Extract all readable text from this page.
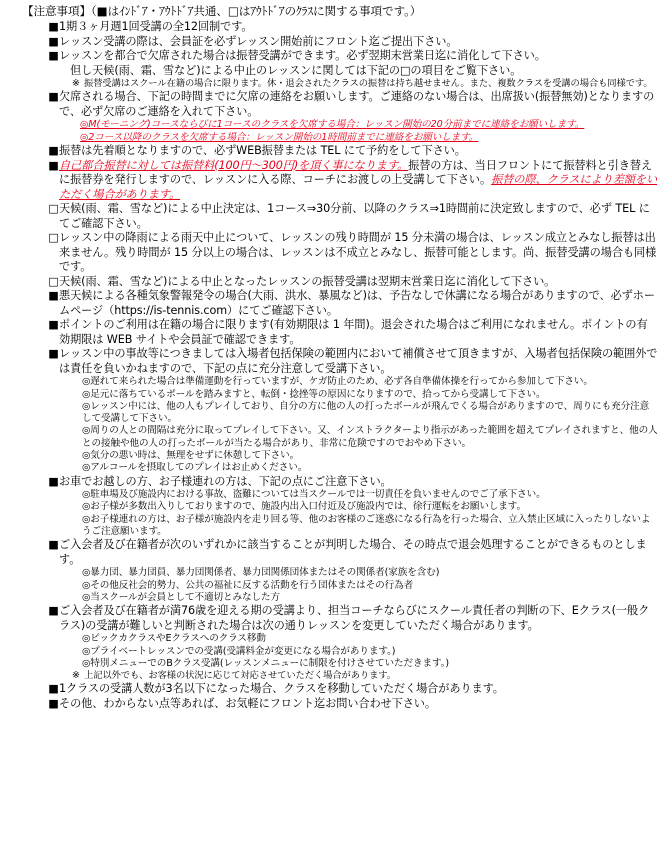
【注意事項】（■はｲﾝﾄﾞｱ・ｱｳﾄﾄﾞｱ共通、□はｱｳﾄﾄﾞｱのｸﾗｽに関する事項です。）
■ 1期３ヶ月週1回受講の全12回制です。
■ レッスン受講の際は、会員証を必ずレッスン開始前にフロント迄ご提出下さい。
■ レッスンを都合で欠席された場合は振替受講ができます。必ず翌期末営業日迄に消化して下さい。
但し天候(雨、霜、雪など)による中止のレッスンに関しては下記の□の項目をご覧下さい。
※ 振替受講はスクール在籍の場合に限ります。休・退会されたクラスの振替は持ち越せません。また、複数クラスを受講の場合も同様です。
■ 欠席される場合、下記の時間までに欠席の連絡をお願いします。ご連絡のない場合は、出席扱い(振替無効)となりますので、必ず欠席のご連絡を入れて下さい。
◎M(モーニング)コースならびに1コースのクラスを欠席する場合：レッスン開始の20分前までに連絡をお願いします。
◎2コース以降のクラスを欠席する場合：レッスン開始の1時間前までに連絡をお願いします。
■ 振替は先着順となりますので、必ずWEB振替または TEL にて予約をして下さい。
■ 自己都合振替に対しては振替料(100円〜300円)を頂く事になります。振替の方は、当日フロントにて振替料と引き替えに振替券を発行しますので、レッスンに入る際、コーチにお渡しの上受講して下さい。振替の際、クラスにより差額をいただく場合があります。
□ 天候(雨、霜、雪など)による中止決定は、1コース⇒30分前、以降のクラス⇒1時間前に決定致しますので、必ず TEL にてご確認下さい。
□ レッスン中の降雨による雨天中止について、レッスンの残り時間が 15 分未満の場合は、レッスン成立とみなし振替は出来ません。残り時間が 15 分以上の場合は、レッスンは不成立とみなし、振替可能とします。尚、振替受講の場合も同様です。
□ 天候(雨、霜、雪など)による中止となったレッスンの振替受講は翌期末営業日迄に消化して下さい。
■ 悪天候による各種気象警報発令の場合(大雨、洪水、暴風など)は、予告なしで休講になる場合がありますので、必ずホームページ（https://is-tennis.com）にてご確認下さい。
■ ポイントのご利用は在籍の場合に限ります(有効期限は 1 年間)。退会された場合はご利用になれません。ポイントの有効期限は WEB サイトや会員証で確認できます。
■ レッスン中の事故等につきましては入場者包括保険の範囲内において補償させて頂きますが、入場者包括保険の範囲外では責任を負いかねますので、下記の点に充分注意して受講下さい。
◎遅れて来られた場合は準備運動を行っていますが、ケガ防止のため、必ず各自準備体操を行ってから参加して下さい。
◎足元に落ちているボールを踏みますと、転倒・捻挫等の原因になりますので、拾ってから受講して下さい。
◎レッスン中には、他の人もプレイしており、自分の方に他の人の打ったボールが飛んでくる場合がありますので、周りにも充分注意して受講して下さい。
◎周りの人との間隔は充分に取ってプレイして下さい。又、インストラクターより指示があった範囲を超えてプレイされますと、他の人との接触や他の人の打ったボールが当たる場合があり、非常に危険ですのでおやめ下さい。
◎気分の悪い時は、無理をせずに休憩して下さい。
◎アルコールを摂取してのプレイはお止めください。
■ お車でお越しの方、お子様連れの方は、下記の点にご注意下さい。
◎駐車場及び施設内における事故、盗難については当スクールでは一切責任を負いませんのでご了承下さい。
◎お子様が多数出入りしておりますので、施設内出入口付近及び施設内では、徐行運転をお願いします。
◎お子様連れの方は、お子様が施設内を走り回る等、他のお客様のご迷惑になる行為を行った場合、立入禁止区域に入ったりしないようご注意願います。
■ ご入会者及び在籍者が次のいずれかに該当することが判明した場合、その時点で退会処理することができるものとします。
◎暴力団、暴力団員、暴力団関係者、暴力団関係団体またはその関係者(家族を含む)
◎その他反社会的勢力、公共の福祉に反する活動を行う団体またはその行為者
◎当スクールが会員として不適切とみなした方
■ ご入会者及び在籍者が満76歳を迎える期の受講より、担当コーチならびにスクール責任者の判断の下、Eクラス(一般クラス)の受講が難しいと判断された場合は次の通りレッスンを変更していただく場合があります。
◎ビックカクラスやEクラスへのクラス移動
◎プライベートレッスンでの受講(受講料金が変更になる場合があります。)
◎特別メニューでのBクラス受講(レッスンメニューに制限を付けさせていただきます。)
※ 上記以外でも、お客様の状況に応じて対応させていただく場合があります。
■ 1クラスの受講人数が3名以下になった場合、クラスを移動していただく場合があります。
■ その他、わからない点等あれば、お気軽にフロント迄お問い合わせ下さい。
